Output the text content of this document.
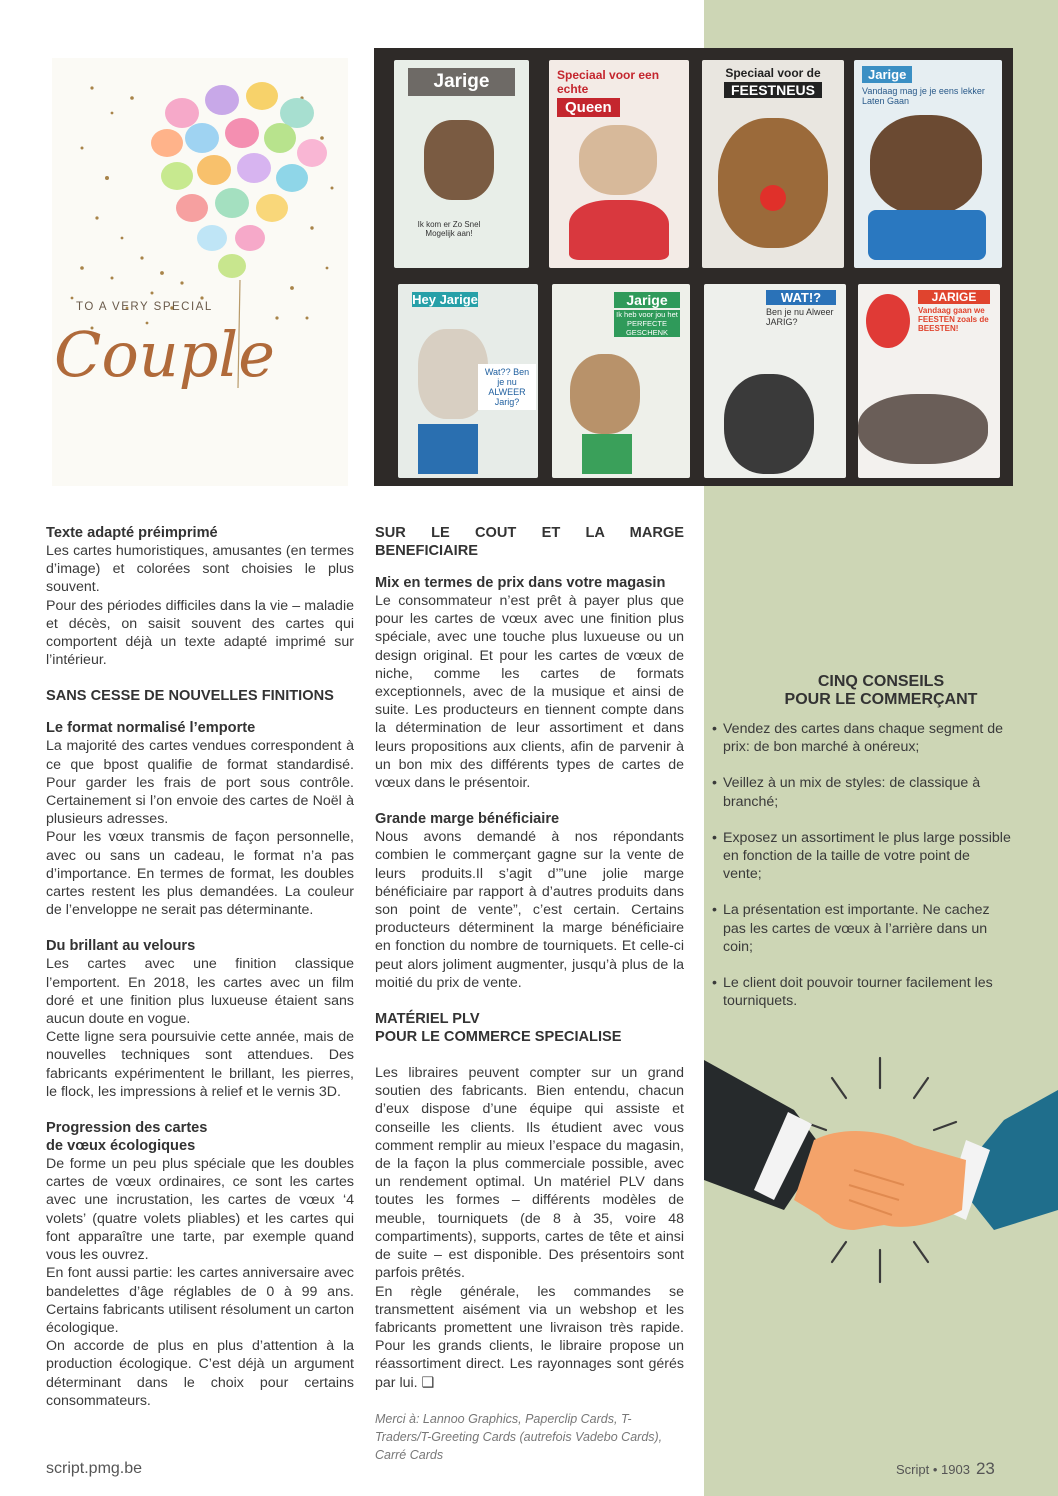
TO A VERY SPECIAL
Couple
Jarige
Ik kom er Zo Snel Mogelijk aan!
Speciaal voor een echte
Queen
Speciaal voor de
FEESTNEUS
Jarige
Vandaag mag je je eens lekker Laten Gaan
Hey Jarige
Wat?? Ben je nu ALWEER Jarig?
Jarige
Ik heb voor jou het PERFECTE GESCHENK
WAT!?
Ben je nu Alweer JARIG?
JARIGE
Vandaag gaan we FEESTEN zoals de BEESTEN!
Texte adapté préimprimé

Les cartes humoristiques, amusantes (en termes d’image) et colorées sont choisies le plus souvent.

Pour des périodes difficiles dans la vie – maladie et décès, on saisit souvent des cartes qui comportent déjà un texte adapté imprimé sur l’intérieur.

SANS CESSE DE NOUVELLES FINITIONS
Le format normalisé l’emporte

La majorité des cartes vendues correspondent à ce que bpost qualifie de format standardisé. Pour garder les frais de port sous contrôle. Certainement si l’on envoie des cartes de Noël à plusieurs adresses.

Pour les vœux transmis de façon personnelle, avec ou sans un cadeau, le format n’a pas d’importance. En termes de format, les doubles cartes restent les plus demandées. La couleur de l’enveloppe ne serait pas déterminante.

Du brillant au velours

Les cartes avec une finition classique l’emportent. En 2018, les cartes avec un film doré et une finition plus luxueuse étaient sans aucun doute en vogue.

Cette ligne sera poursuivie cette année, mais de nouvelles techniques sont attendues. Des fabricants expérimentent le brillant, les pierres, le flock, les impressions à relief et le vernis 3D.

Progression des cartes
de vœux écologiques

De forme un peu plus spéciale que les doubles cartes de vœux ordinaires, ce sont les cartes avec une incrustation, les cartes de vœux ‘4 volets’ (quatre volets pliables) et les cartes qui font apparaître une tarte, par exemple quand vous les ouvrez.

En font aussi partie: les cartes anniversaire avec bandelettes d’âge réglables de 0 à 99 ans. Certains fabricants utilisent résolument un carton écologique.

On accorde de plus en plus d’attention à la production écologique. C’est déjà un argument déterminant dans le choix pour certains consommateurs.

SUR LE COUT ET LA MARGE BENEFICIAIRE
Mix en termes de prix dans votre magasin

Le consommateur n’est prêt à payer plus que pour les cartes de vœux avec une finition plus spéciale, avec une touche plus luxueuse ou un design original. Et pour les cartes de vœux de niche, comme les cartes de formats exceptionnels, avec de la musique et ainsi de suite. Les producteurs en tiennent compte dans la détermination de leur assortiment et dans leurs propositions aux clients, afin de parvenir à un bon mix des différents types de cartes de vœux dans le présentoir.

Grande marge bénéficiaire

Nous avons demandé à nos répondants combien le commerçant gagne sur la vente de leurs produits.Il s’agit d’”une jolie marge bénéficiaire par rapport à d’autres produits dans son point de vente”, c’est certain. Certains producteurs déterminent la marge bénéficiaire en fonction du nombre de tourniquets. Et celle-ci peut alors joliment augmenter, jusqu’à plus de la moitié du prix de vente.

MATÉRIEL PLV
POUR LE COMMERCE SPECIALISE

Les libraires peuvent compter sur un grand soutien des fabricants. Bien entendu, chacun d’eux dispose d’une équipe qui assiste et conseille les clients. Ils étudient avec vous comment remplir au mieux l’espace du magasin, de la façon la plus commerciale possible, avec un rendement optimal. Un matériel PLV dans toutes les formes – différents modèles de meuble, tourniquets (de 8 à 35, voire 48 compartiments), supports, cartes de tête et ainsi de suite – est disponible. Des présentoirs sont parfois prêtés.

En règle générale, les commandes se transmettent aisément via un webshop et les fabricants promettent une livraison très rapide. Pour les grands clients, le libraire propose un réassortiment direct. Les rayonnages sont gérés par lui. ❑

Merci à: Lannoo Graphics, Paperclip Cards, T-Traders/T-Greeting Cards (autrefois Vadebo Cards), Carré Cards

CINQ CONSEILS
POUR LE COMMERÇANT
• Vendez des cartes dans chaque segment de prix: de bon marché à onéreux;
• Veillez à un mix de styles: de classique à branché;
• Exposez un assortiment le plus large possible en fonction de la taille de votre point de vente;
• La présentation est importante. Ne cachez pas les cartes de vœux à l’arrière dans un coin;
• Le client doit pouvoir tourner facilement les tourniquets.
script.pmg.be	Script • 1903 23
